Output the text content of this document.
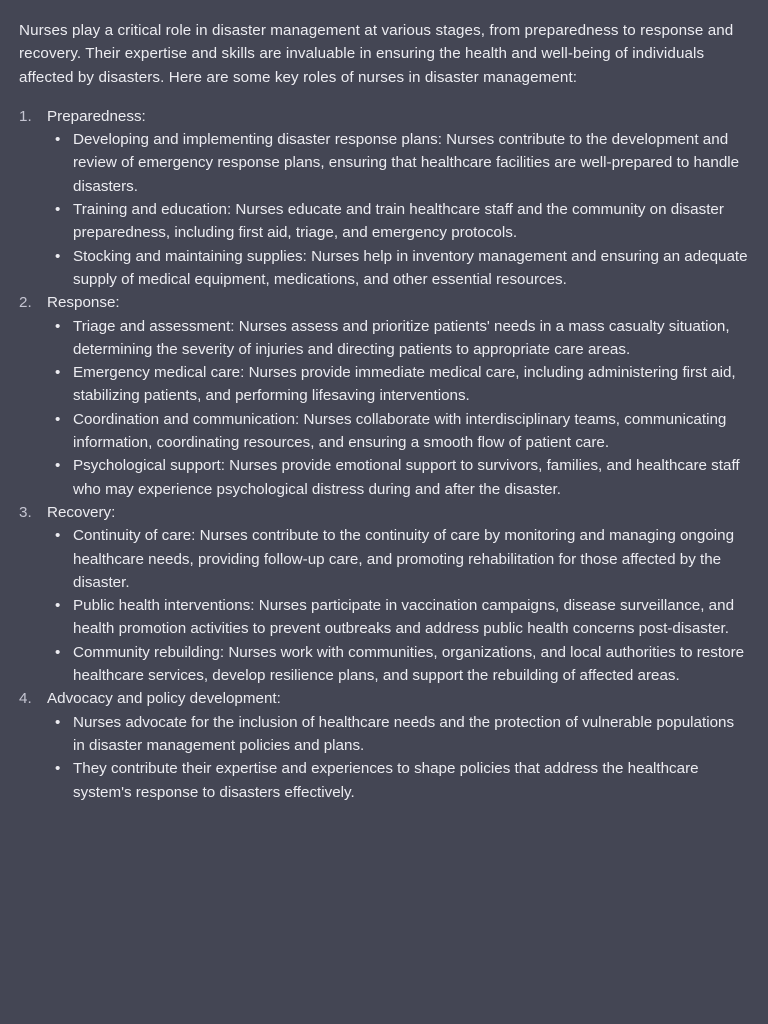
Nurses play a critical role in disaster management at various stages, from preparedness to response and recovery. Their expertise and skills are invaluable in ensuring the health and well-being of individuals affected by disasters. Here are some key roles of nurses in disaster management:

1. Preparedness:
• Developing and implementing disaster response plans: Nurses contribute to the development and review of emergency response plans, ensuring that healthcare facilities are well-prepared to handle disasters.
• Training and education: Nurses educate and train healthcare staff and the community on disaster preparedness, including first aid, triage, and emergency protocols.
• Stocking and maintaining supplies: Nurses help in inventory management and ensuring an adequate supply of medical equipment, medications, and other essential resources.
2. Response:
• Triage and assessment: Nurses assess and prioritize patients' needs in a mass casualty situation, determining the severity of injuries and directing patients to appropriate care areas.
• Emergency medical care: Nurses provide immediate medical care, including administering first aid, stabilizing patients, and performing lifesaving interventions.
• Coordination and communication: Nurses collaborate with interdisciplinary teams, communicating information, coordinating resources, and ensuring a smooth flow of patient care.
• Psychological support: Nurses provide emotional support to survivors, families, and healthcare staff who may experience psychological distress during and after the disaster.
3. Recovery:
• Continuity of care: Nurses contribute to the continuity of care by monitoring and managing ongoing healthcare needs, providing follow-up care, and promoting rehabilitation for those affected by the disaster.
• Public health interventions: Nurses participate in vaccination campaigns, disease surveillance, and health promotion activities to prevent outbreaks and address public health concerns post-disaster.
• Community rebuilding: Nurses work with communities, organizations, and local authorities to restore healthcare services, develop resilience plans, and support the rebuilding of affected areas.
4. Advocacy and policy development:
• Nurses advocate for the inclusion of healthcare needs and the protection of vulnerable populations in disaster management policies and plans.
• They contribute their expertise and experiences to shape policies that address the healthcare system's response to disasters effectively.
